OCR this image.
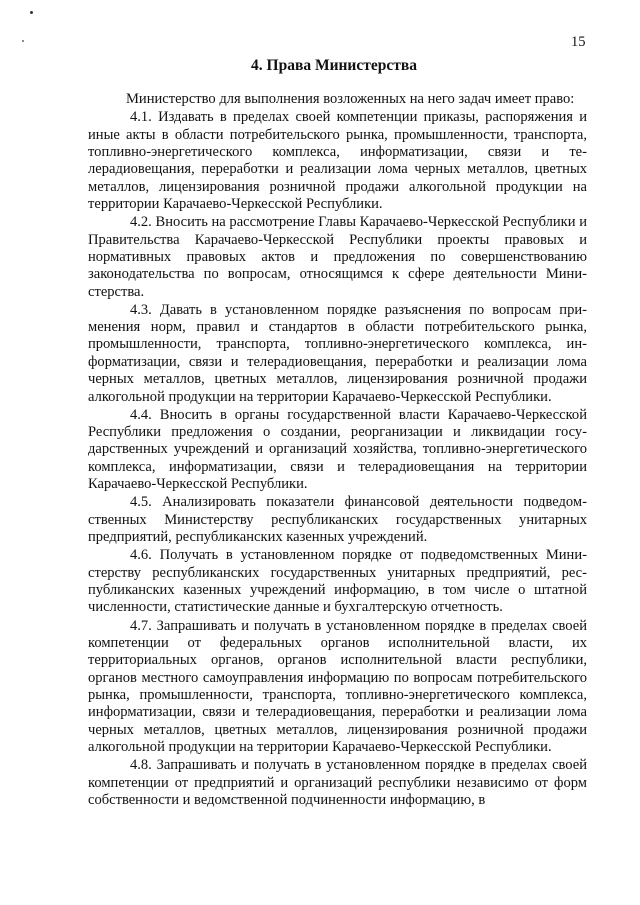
15
4. Права Министерства

Министерство для выполнения возложенных на него задач имеет право:

4.1. Издавать в пределах своей компетенции приказы, распоряжения и иные акты в области потребительского рынка, промышленности, транспорта, топливно-энергетического комплекса, информатизации, связи и телерадиовещания, переработки и реализации лома черных металлов, цветных металлов, лицензирования розничной продажи алкогольной продукции на территории Карачаево-Черкесской Республики.

4.2. Вносить на рассмотрение Главы Карачаево-Черкесской Республики и Правительства Карачаево-Черкесской Республики проекты правовых и нормативных правовых актов и предложения по совершенствованию законодательства по вопросам, относящимся к сфере деятельности Министерства.

4.3. Давать в установленном порядке разъяснения по вопросам применения норм, правил и стандартов в области потребительского рынка, промышленности, транспорта, топливно-энергетического комплекса, информатизации, связи и телерадиовещания, переработки и реализации лома черных металлов, цветных металлов, лицензирования розничной продажи алкогольной продукции на территории Карачаево-Черкесской Республики.

4.4. Вносить в органы государственной власти Карачаево-Черкесской Республики предложения о создании, реорганизации и ликвидации государственных учреждений и организаций хозяйства, топливно-энергетического комплекса, информатизации, связи и телерадиовещания на территории Карачаево-Черкесской Республики.

4.5. Анализировать показатели финансовой деятельности подведомственных Министерству республиканских государственных унитарных предприятий, республиканских казенных учреждений.

4.6. Получать в установленном порядке от подведомственных Министерству республиканских государственных унитарных предприятий, республиканских казенных учреждений информацию, в том числе о штатной численности, статистические данные и бухгалтерскую отчетность.

4.7. Запрашивать и получать в установленном порядке в пределах своей компетенции от федеральных органов исполнительной власти, их территориальных органов, органов исполнительной власти республики, органов местного самоуправления информацию по вопросам потребительского рынка, промышленности, транспорта, топливно-энергетического комплекса, информатизации, связи и телерадиовещания, переработки и реализации лома черных металлов, цветных металлов, лицензирования розничной продажи алкогольной продукции на территории Карачаево-Черкесской Республики.

4.8. Запрашивать и получать в установленном порядке в пределах своей компетенции от предприятий и организаций республики независимо от форм собственности и ведомственной подчиненности информацию, в
